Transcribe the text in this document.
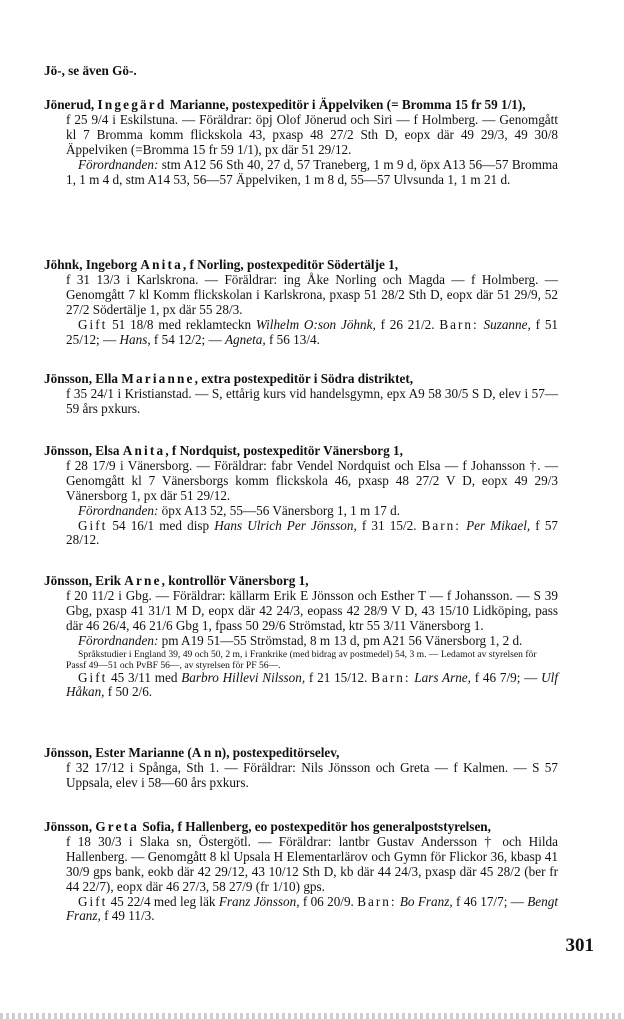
Jö-, se även Gö-.
Jönerud, Ingegärd Marianne, postexpeditör i Äppelviken (= Bromma 15 fr 59 1/1),
f 25 9/4 i Eskilstuna. — Föräldrar: öpj Olof Jönerud och Siri — f Holmberg. — Genomgått kl 7 Bromma komm flickskola 43, pxasp 48 27/2 Sth D, eopx där 49 29/3, 49 30/8 Äppelviken (=Bromma 15 fr 59 1/1), px där 51 29/12.
Förordnanden: stm A12 56 Sth 40, 27 d, 57 Traneberg, 1 m 9 d, öpx A13 56—57 Bromma 1, 1 m 4 d, stm A14 53, 56—57 Äppelviken, 1 m 8 d, 55—57 Ulvsunda 1, 1 m 21 d.
Jöhnk, Ingeborg Anita, f Norling, postexpeditör Södertälje 1,
f 31 13/3 i Karlskrona. — Föräldrar: ing Åke Norling och Magda — f Holmberg. — Genomgått 7 kl Komm flickskolan i Karlskrona, pxasp 51 28/2 Sth D, eopx där 51 29/9, 52 27/2 Södertälje 1, px där 55 28/3.
Gift 51 18/8 med reklamteckn Wilhelm O:son Jöhnk, f 26 21/2. Barn: Suzanne, f 51 25/12; — Hans, f 54 12/2; — Agneta, f 56 13/4.
Jönsson, Ella Marianne, extra postexpeditör i Södra distriktet,
f 35 24/1 i Kristianstad. — S, ettårig kurs vid handelsgymn, epx A9 58 30/5 S D, elev i 57—59 års pxkurs.
Jönsson, Elsa Anita, f Nordquist, postexpeditör Vänersborg 1,
f 28 17/9 i Vänersborg. — Föräldrar: fabr Vendel Nordquist och Elsa — f Johansson †. — Genomgått kl 7 Vänersborgs komm flickskola 46, pxasp 48 27/2 V D, eopx 49 29/3 Vänersborg 1, px där 51 29/12.
Förordnanden: öpx A13 52, 55—56 Vänersborg 1, 1 m 17 d.
Gift 54 16/1 med disp Hans Ulrich Per Jönsson, f 31 15/2. Barn: Per Mikael, f 57 28/12.
Jönsson, Erik Arne, kontrollör Vänersborg 1,
f 20 11/2 i Gbg. — Föräldrar: källarm Erik E Jönsson och Esther T — f Johansson. — S 39 Gbg, pxasp 41 31/1 M D, eopx där 42 24/3, eopass 42 28/9 V D, 43 15/10 Lidköping, pass där 46 26/4, 46 21/6 Gbg 1, fpass 50 29/6 Strömstad, ktr 55 3/11 Vänersborg 1.
Förordnanden: pm A19 51—55 Strömstad, 8 m 13 d, pm A21 56 Vänersborg 1, 2 d.
Språkstudier i England 39, 49 och 50, 2 m, i Frankrike (med bidrag av postmedel) 54, 3 m. — Ledamot av styrelsen för Passf 49—51 och PvBF 56—, av styrelsen för PF 56—.
Gift 45 3/11 med Barbro Hillevi Nilsson, f 21 15/12. Barn: Lars Arne, f 46 7/9; — Ulf Håkan, f 50 2/6.
Jönsson, Ester Marianne (A n n), postexpeditörselev,
f 32 17/12 i Spånga, Sth 1. — Föräldrar: Nils Jönsson och Greta — f Kalmen. — S 57 Uppsala, elev i 58—60 års pxkurs.
Jönsson, Greta Sofia, f Hallenberg, eo postexpeditör hos generalpoststyrelsen,
f 18 30/3 i Slaka sn, Östergötl. — Föräldrar: lantbr Gustav Andersson † och Hilda Hallenberg. — Genomgått 8 kl Upsala H Elementarlärov och Gymn för Flickor 36, kbasp 41 30/9 gps bank, eokb där 42 29/12, 43 10/12 Sth D, kb där 44 24/3, pxasp där 45 28/2 (ber fr 44 22/7), eopx där 46 27/3, 58 27/9 (fr 1/10) gps.
Gift 45 22/4 med leg läk Franz Jönsson, f 06 20/9. Barn: Bo Franz, f 46 17/7; — Bengt Franz, f 49 11/3.
301
